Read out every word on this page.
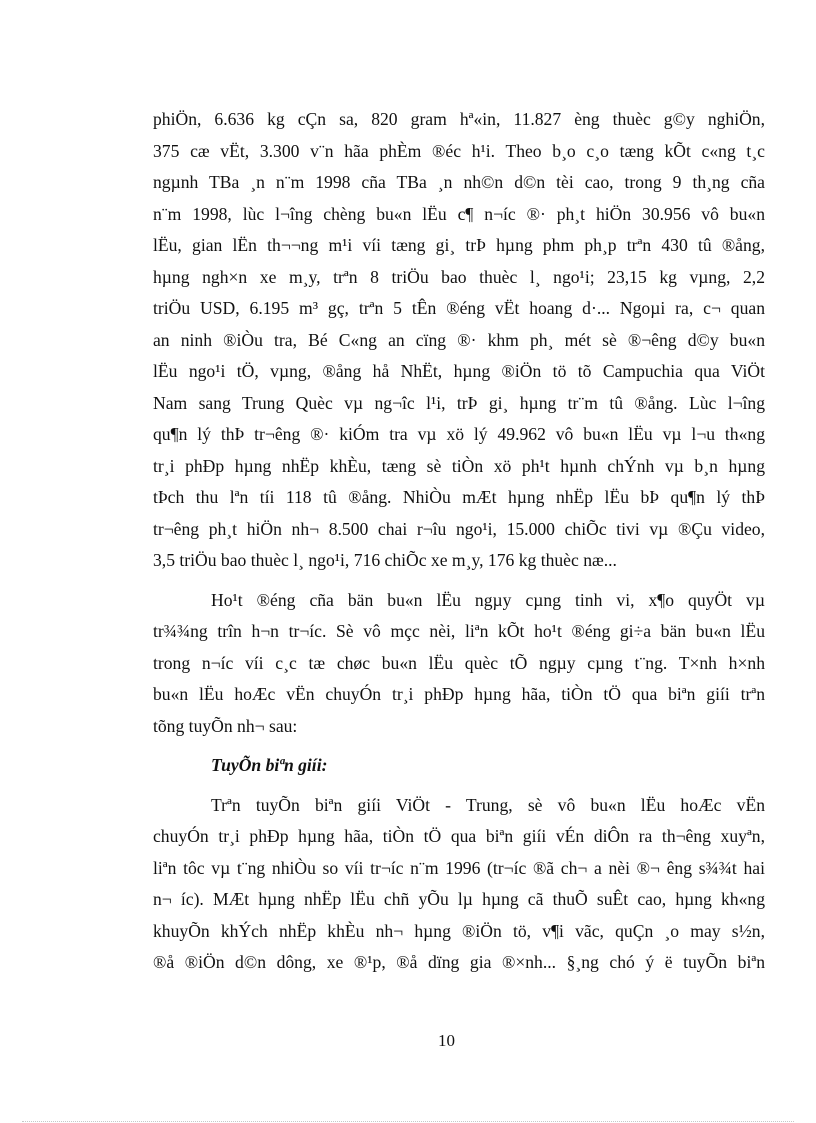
phiÖn, 6.636 kg cÇn sa, 820 gram hª«in, 11.827 èng thuèc g©y nghiÖn,
375 cæ vËt, 3.300 v¨n hãa phÈm ®éc h¹i. Theo b¸o c¸o tæng kÕt c«ng t¸c
ngµnh TBa ¸n n¨m 1998 cña TBa ¸n nh©n d©n tèi cao, trong 9 th¸ng cña
n¨m 1998, lùc l¬îng chèng bu«n lËu c¶ n¬íc ®· ph¸t hiÖn 30.956 vô bu«n
lËu, gian lËn th¬¬ng m¹i víi tæng gi¸ trÞ hµng phm ph¸p trªn 430 tû ®ång,
hµng ngh×n xe m¸y, trªn 8 triÖu bao thuèc l¸ ngo¹i; 23,15 kg vµng, 2,2
triÖu USD, 6.195 m³ gç, trªn 5 tÊn ®éng vËt hoang d·... Ngoµi ra, c¬ quan
an ninh ®iÒu tra, Bé C«ng an cïng ®· khm ph¸ mét sè ®¬êng d©y bu«n
lËu ngo¹i tÖ, vµng, ®ång hå NhËt, hµng ®iÖn tö tõ Campuchia qua ViÖt
Nam sang Trung Quèc vµ ng¬îc l¹i, trÞ gi¸ hµng tr¨m tû ®ång. Lùc l¬îng
qu¶n lý thÞ tr¬êng ®· kiÓm tra vµ xö lý 49.962 vô bu«n lËu vµ l¬u th«ng
tr¸i phÐp hµng nhËp khÈu, tæng sè tiÒn xö ph¹t hµnh chÝnh vµ b¸n hµng
tÞch thu lªn tíi 118 tû ®ång. NhiÒu mÆt hµng nhËp lËu bÞ qu¶n lý thÞ
tr¬êng ph¸t hiÖn nh¬ 8.500 chai r¬îu ngo¹i, 15.000 chiÕc tivi vµ ®Çu video,
3,5 triÖu bao thuèc l¸ ngo¹i, 716 chiÕc xe m¸y, 176 kg thuèc næ...
Ho¹t ®éng cña bän bu«n lËu ngµy cµng tinh vi, x¶o quyÖt vµ
tr¾¾ng trîn h¬n tr¬íc. Sè vô mçc nèi, liªn kÕt ho¹t ®éng gi÷a bän bu«n lËu
trong n¬íc víi c¸c tæ chøc bu«n lËu quèc tÕ ngµy cµng t¨ng. T×nh h×nh
bu«n lËu hoÆc vËn chuyÓn tr¸i phÐp hµng hãa, tiÒn tÖ qua biªn giíi trªn
tõng tuyÕn nh¬ sau:
TuyÕn biªn giíi:
Trªn tuyÕn biªn giíi ViÖt - Trung, sè vô bu«n lËu hoÆc vËn
chuyÓn tr¸i phÐp hµng hãa, tiÒn tÖ qua biªn giíi vÉn diÔn ra th¬êng xuyªn,
liªn tôc vµ t¨ng nhiÒu so víi tr¬íc n¨m 1996 (tr¬íc ®ã ch¬ a nèi ®¬ êng s¾¾t hai
n¬ íc). MÆt hµng nhËp lËu chñ yÕu lµ hµng cã thuÕ suÊt cao, hµng kh«ng
khuyÕn khÝch nhËp khÈu nh¬ hµng ®iÖn tö, v¶i vãc, quÇn ¸o may s½n,
®å ®iÖn d©n dông, xe ®¹p, ®å dïng gia ®×nh... §¸ng chó ý ë tuyÕn biªn
10
